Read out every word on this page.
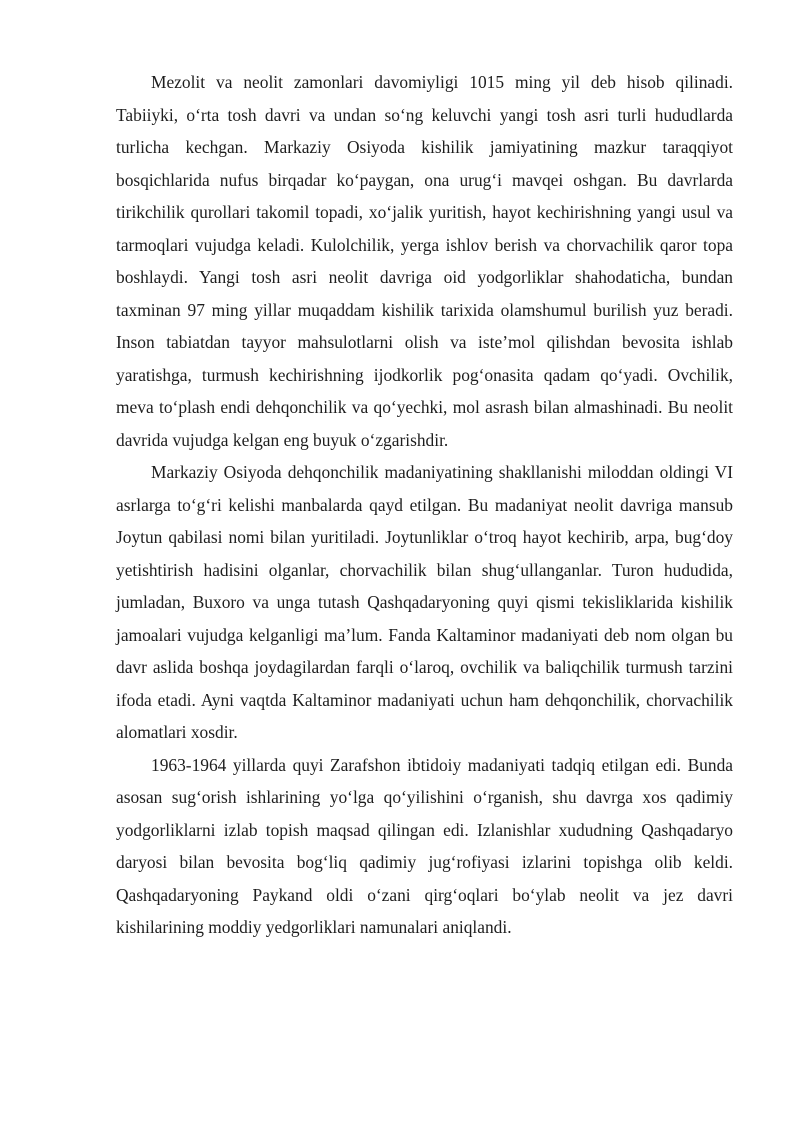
Mezolit va neolit zamonlari davomiyligi 1015 ming yil deb hisob qilinadi. Tabiiyki, o‘rta tosh davri va undan so‘ng keluvchi yangi tosh asri turli hududlarda turlicha kechgan. Markaziy Osiyoda kishilik jamiyatining mazkur taraqqiyot bosqichlarida nufus birqadar ko‘paygan, ona urug‘i mavqei oshgan. Bu davrlarda tirikchilik qurollari takomil topadi, xo‘jalik yuritish, hayot kechirishning yangi usul va tarmoqlari vujudga keladi. Kulolchilik, yerga ishlov berish va chorvachilik qaror topa boshlaydi. Yangi tosh asri neolit davriga oid yodgorliklar shahodaticha, bundan taxminan 97 ming yillar muqaddam kishilik tarixida olamshumul burilish yuz beradi. Inson tabiatdan tayyor mahsulotlarni olish va iste’mol qilishdan bevosita ishlab yaratishga, turmush kechirishning ijodkorlik pog‘onasita qadam qo‘yadi. Ovchilik, meva to‘plash endi dehqonchilik va qo‘yechki, mol asrash bilan almashinadi. Bu neolit davrida vujudga kelgan eng buyuk o‘zgarishdir.

Markaziy Osiyoda dehqonchilik madaniyatining shakllanishi miloddan oldingi VI asrlarga to‘g‘ri kelishi manbalarda qayd etilgan. Bu madaniyat neolit davriga mansub Joytun qabilasi nomi bilan yuritiladi. Joytunliklar o‘troq hayot kechirib, arpa, bug‘doy yetishtirish hadisini olganlar, chorvachilik bilan shug‘ullanganlar. Turon hududida, jumladan, Buxoro va unga tutash Qashqadaryoning quyi qismi tekisliklarida kishilik jamoalari vujudga kelganligi ma’lum. Fanda Kaltaminor madaniyati deb nom olgan bu davr aslida boshqa joydagilardan farqli o‘laroq, ovchilik va baliqchilik turmush tarzini ifoda etadi. Ayni vaqtda Kaltaminor madaniyati uchun ham dehqonchilik, chorvachilik alomatlari xosdir.

1963-1964 yillarda quyi Zarafshon ibtidoiy madaniyati tadqiq etilgan edi. Bunda asosan sug‘orish ishlarining yo‘lga qo‘yilishini o‘rganish, shu davrga xos qadimiy yodgorliklarni izlab topish maqsad qilingan edi. Izlanishlar xududning Qashqadaryo daryosi bilan bevosita bog‘liq qadimiy jug‘rofiyasi izlarini topishga olib keldi. Qashqadaryoning Paykand oldi o‘zani qirg‘oqlari bo‘ylab neolit va jez davri kishilarining moddiy yedgorliklari namunalari aniqlandi.
